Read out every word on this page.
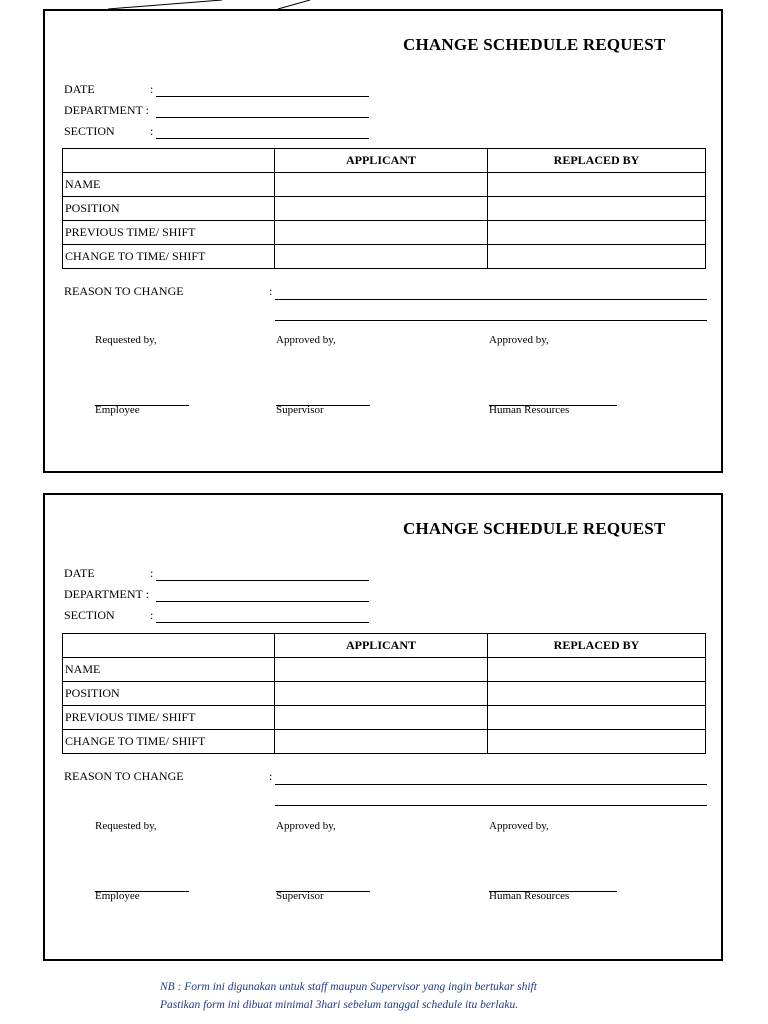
CHANGE SCHEDULE REQUEST
DATE	:
DEPARTMENT :
SECTION	:
	APPLICANT	REPLACED BY
NAME		
POSITION		
PREVIOUS TIME/ SHIFT		
CHANGE TO TIME/ SHIFT		
REASON TO CHANGE	:
Requested by,	Approved by,	Approved by,
Employee	Supervisor	Human Resources
CHANGE SCHEDULE REQUEST
DATE	:
DEPARTMENT :
SECTION	:
	APPLICANT	REPLACED BY
NAME		
POSITION		
PREVIOUS TIME/ SHIFT		
CHANGE TO TIME/ SHIFT		
REASON TO CHANGE	:
Requested by,	Approved by,	Approved by,
Employee	Supervisor	Human Resources
NB : Form ini digunakan untuk staff maupun Supervisor yang ingin bertukar shift
Pastikan form ini dibuat minimal 3hari sebelum tanggal schedule itu berlaku.
